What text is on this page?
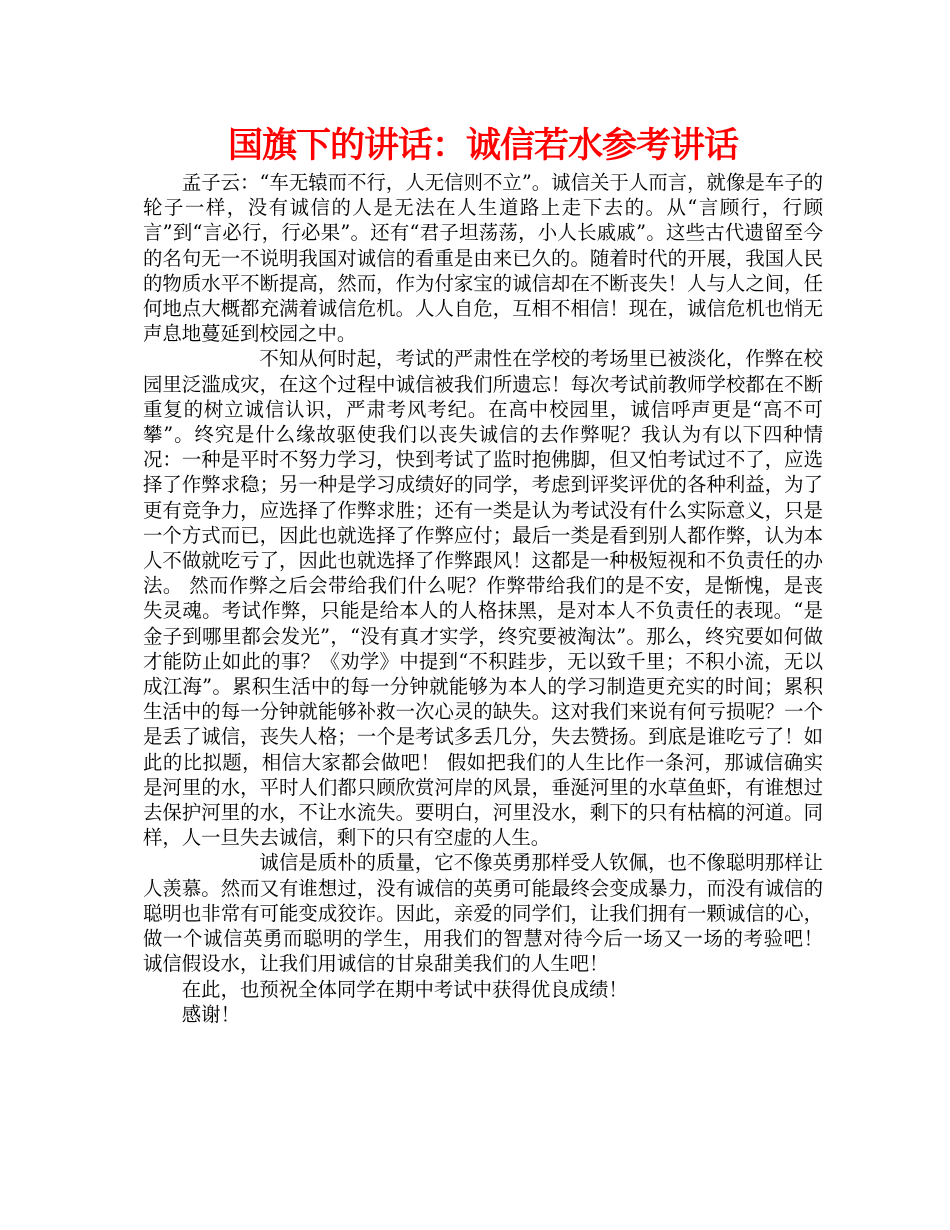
国旗下的讲话：诚信若水参考讲话

孟子云：“车无辕而不行，人无信则不立”。诚信关于人而言，就像是车子的轮子一样，没有诚信的人是无法在人生道路上走下去的。从“言顾行，行顾言”到“言必行，行必果”。还有“君子坦荡荡，小人长戚戚”。这些古代遗留至今的名句无一不说明我国对诚信的看重是由来已久的。随着时代的开展，我国人民的物质水平不断提高，然而，作为付家宝的诚信却在不断丧失！人与人之间，任何地点大概都充满着诚信危机。人人自危，互相不相信！现在，诚信危机也悄无声息地蔓延到校园之中。

不知从何时起，考试的严肃性在学校的考场里已被淡化，作弊在校园里泛滥成灾，在这个过程中诚信被我们所遗忘！每次考试前教师学校都在不断重复的树立诚信认识，严肃考风考纪。在高中校园里，诚信呼声更是“高不可攀”。终究是什么缘故驱使我们以丧失诚信的去作弊呢？我认为有以下四种情况：一种是平时不努力学习，快到考试了监时抱佛脚，但又怕考试过不了，应选择了作弊求稳；另一种是学习成绩好的同学，考虑到评奖评优的各种利益，为了更有竞争力，应选择了作弊求胜；还有一类是认为考试没有什么实际意义，只是一个方式而已，因此也就选择了作弊应付；最后一类是看到别人都作弊，认为本人不做就吃亏了，因此也就选择了作弊跟风！这都是一种极短视和不负责任的办法。 然而作弊之后会带给我们什么呢？作弊带给我们的是不安，是惭愧，是丧失灵魂。考试作弊，只能是给本人的人格抹黑，是对本人不负责任的表现。“是金子到哪里都会发光”，“没有真才实学，终究要被淘汰”。那么，终究要如何做才能防止如此的事？《劝学》中提到“不积跬步，无以致千里；不积小流，无以成江海”。累积生活中的每一分钟就能够为本人的学习制造更充实的时间；累积生活中的每一分钟就能够补救一次心灵的缺失。这对我们来说有何亏损呢？一个是丢了诚信，丧失人格；一个是考试多丢几分，失去赞扬。到底是谁吃亏了！如此的比拟题，相信大家都会做吧！ 假如把我们的人生比作一条河，那诚信确实是河里的水，平时人们都只顾欣赏河岸的风景，垂涎河里的水草鱼虾，有谁想过去保护河里的水，不让水流失。要明白，河里没水，剩下的只有枯槁的河道。同样，人一旦失去诚信，剩下的只有空虚的人生。

诚信是质朴的质量，它不像英勇那样受人钦佩，也不像聪明那样让人羡慕。然而又有谁想过，没有诚信的英勇可能最终会变成暴力，而没有诚信的聪明也非常有可能变成狡诈。因此，亲爱的同学们，让我们拥有一颗诚信的心，做一个诚信英勇而聪明的学生，用我们的智慧对待今后一场又一场的考验吧！ 诚信假设水，让我们用诚信的甘泉甜美我们的人生吧！

在此，也预祝全体同学在期中考试中获得优良成绩！

感谢！
